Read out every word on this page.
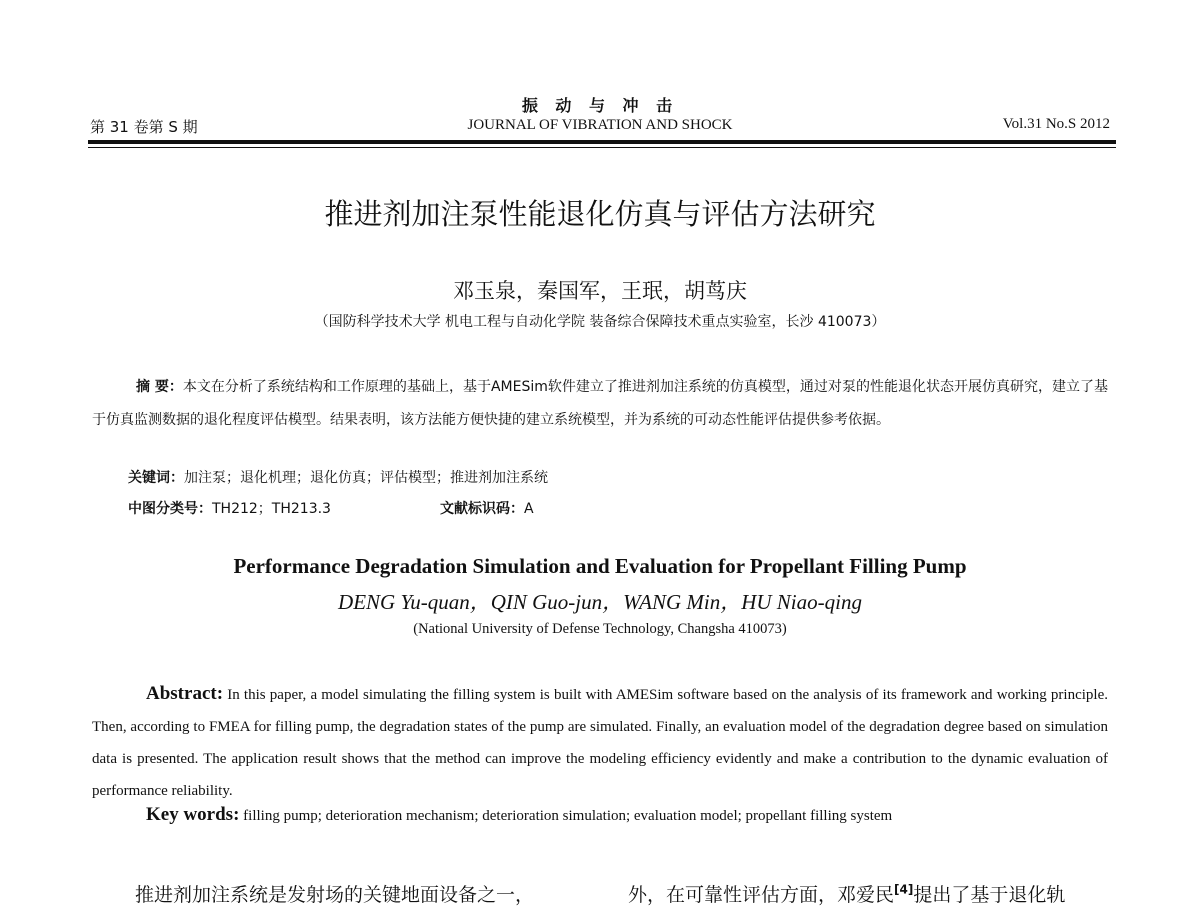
第 31 卷第 S 期
振 动 与 冲 击
JOURNAL OF VIBRATION AND SHOCK	Vol.31 No.S 2012
推进剂加注泵性能退化仿真与评估方法研究
邓玉泉，秦国军，王珉，胡茑庆
（国防科学技术大学 机电工程与自动化学院 装备综合保障技术重点实验室，长沙 410073）
摘 要：本文在分析了系统结构和工作原理的基础上，基于AMESim软件建立了推进剂加注系统的仿真模型，通过对泵的性能退化状态开展仿真研究，建立了基于仿真监测数据的退化程度评估模型。结果表明，该方法能方便快捷的建立系统模型，并为系统的可动态性能评估提供参考依据。
关键词：加注泵；退化机理；退化仿真；评估模型；推进剂加注系统
中图分类号：TH212；TH213.3	文献标识码：A
Performance Degradation Simulation and Evaluation for Propellant Filling Pump
DENG Yu-quan，QIN Guo-jun，WANG Min，HU Niao-qing
(National University of Defense Technology, Changsha 410073)
Abstract: In this paper, a model simulating the filling system is built with AMESim software based on the analysis of its framework and working principle. Then, according to FMEA for filling pump, the degradation states of the pump are simulated. Finally, an evaluation model of the degradation degree based on simulation data is presented. The application result shows that the method can improve the modeling efficiency evidently and make a contribution to the dynamic evaluation of performance reliability.
Key words: filling pump; deterioration mechanism; deterioration simulation; evaluation model; propellant filling system
推进剂加注系统是发射场的关键地面设备之一，	外，在可靠性评估方面，邓爱民[4]提出了基于退化轨
